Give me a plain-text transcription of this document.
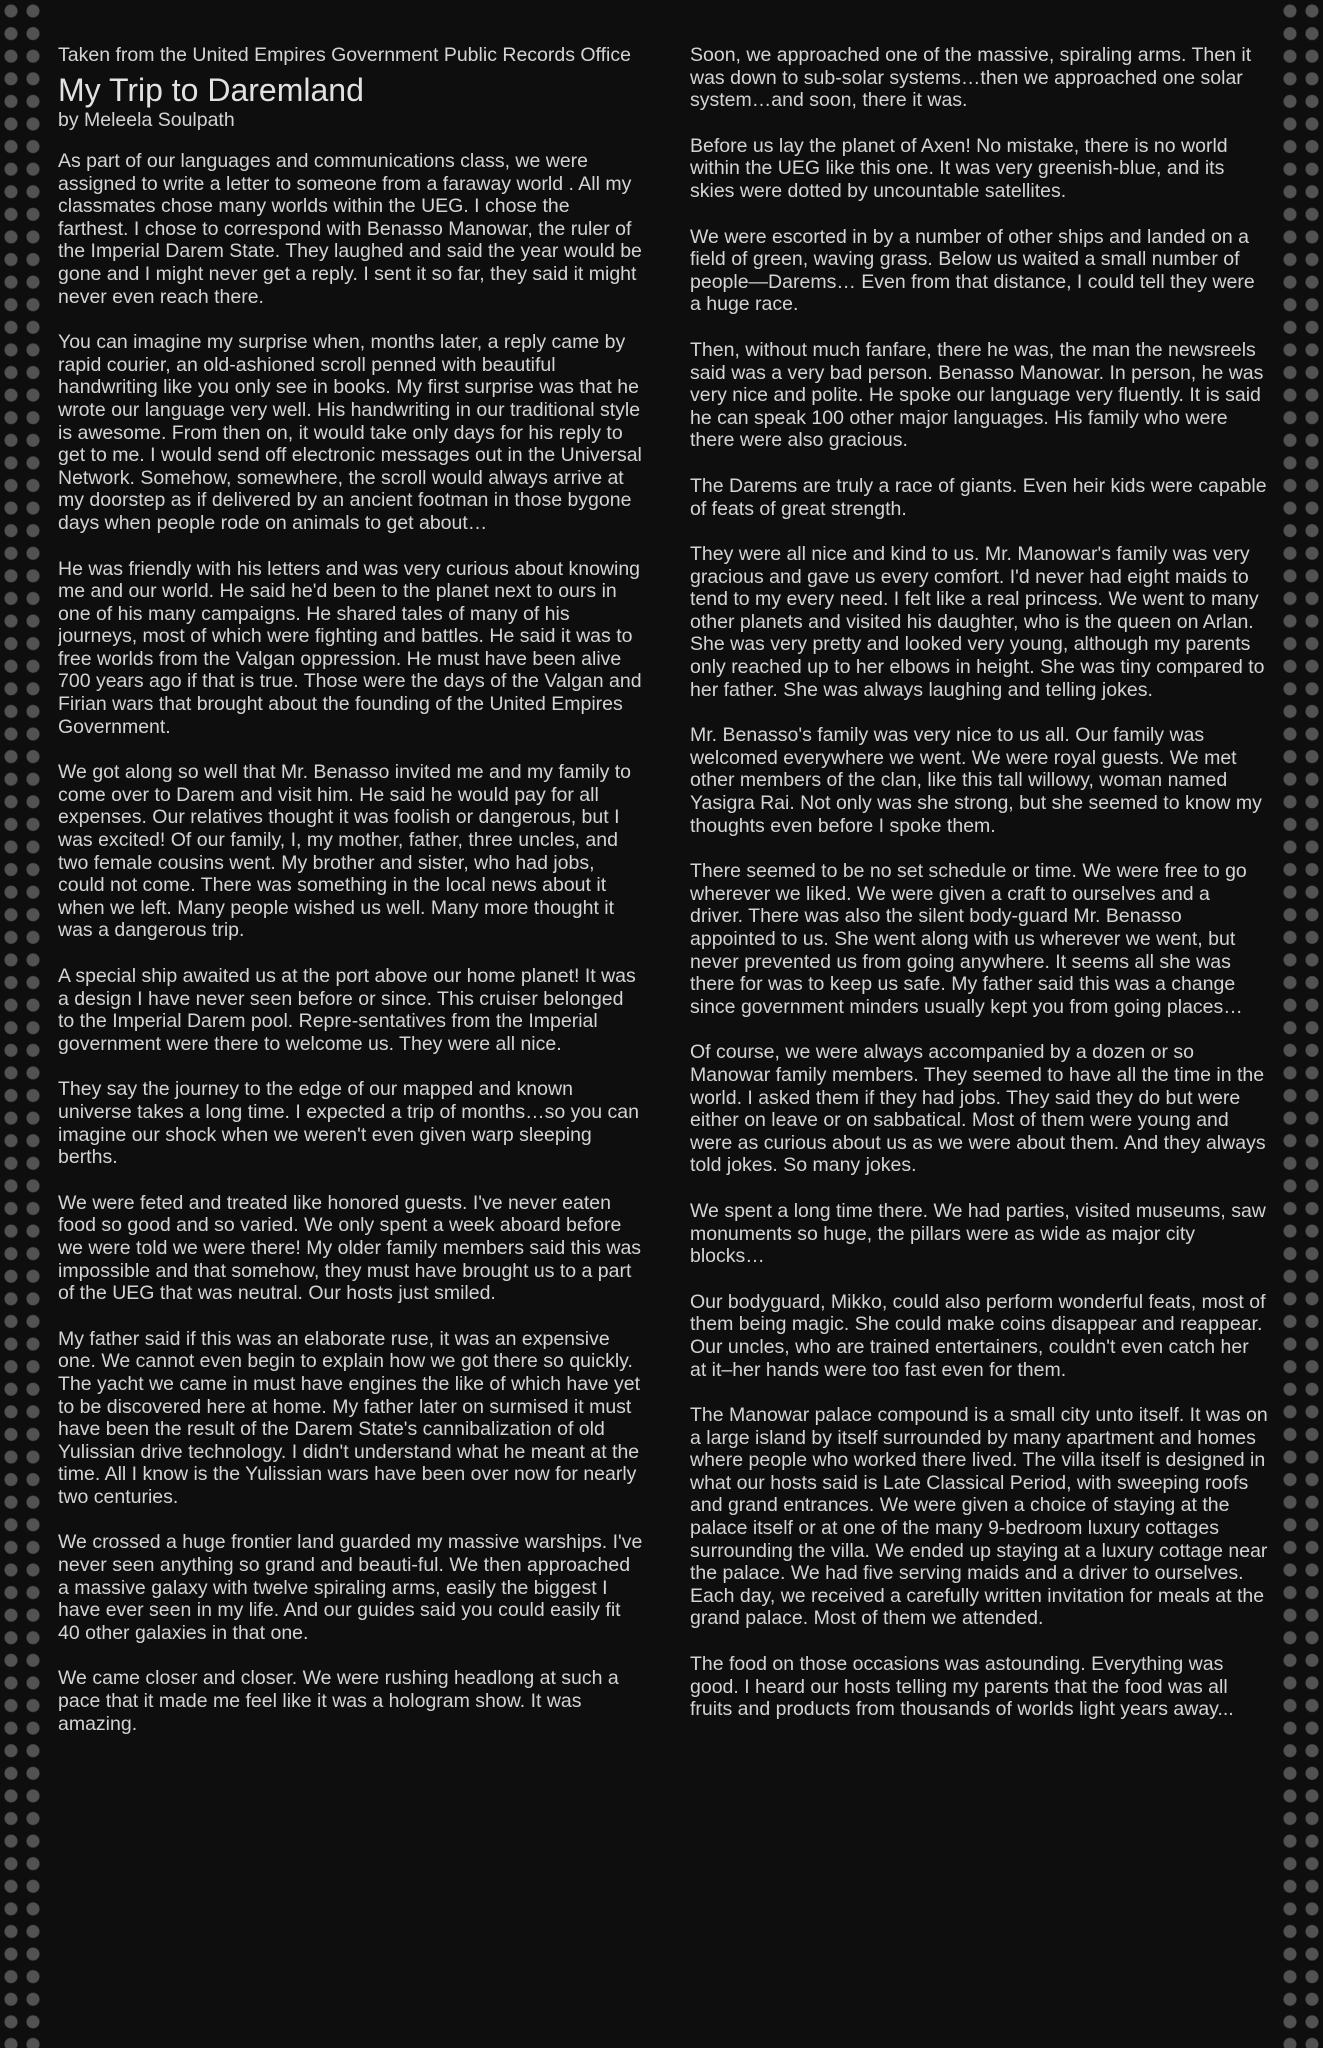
Taken from the United Empires Government Public Records Office
My Trip to Daremland
by Meleela Soulpath

As part of our languages and communications class, we were assigned to write a letter to someone from a faraway world . All my classmates chose many worlds within the UEG. I chose the farthest. I chose to correspond with Benasso Manowar, the ruler of the Imperial Darem State. They laughed and said the year would be gone and I might never get a reply. I sent it so far, they said it might never even reach there.

You can imagine my surprise when, months later, a reply came by rapid courier, an old-ashioned scroll penned with beautiful handwriting like you only see in books. My first surprise was that he wrote our language very well. His handwriting in our traditional style is awesome. From then on, it would take only days for his reply to get to me. I would send off electronic messages out in the Universal Network. Somehow, somewhere, the scroll would always arrive at my doorstep as if delivered by an ancient footman in those bygone days when people rode on animals to get about…

He was friendly with his letters and was very curious about knowing me and our world. He said he'd been to the planet next to ours in one of his many campaigns. He shared tales of many of his journeys, most of which were fighting and battles. He said it was to free worlds from the Valgan oppression. He must have been alive 700 years ago if that is true. Those were the days of the Valgan and Firian wars that brought about the founding of the United Empires Government.

We got along so well that Mr. Benasso invited me and my family to come over to Darem and visit him. He said he would pay for all expenses. Our relatives thought it was foolish or dangerous, but I was excited! Of our family, I, my mother, father, three uncles, and two female cousins went. My brother and sister, who had jobs, could not come. There was something in the local news about it when we left. Many people wished us well. Many more thought it was a dangerous trip.

A special ship awaited us at the port above our home planet! It was a design I have never seen before or since. This cruiser belonged to the Imperial Darem pool. Repre-sentatives from the Imperial government were there to welcome us. They were all nice.

They say the journey to the edge of our mapped and known universe takes a long time. I expected a trip of months…so you can imagine our shock when we weren't even given warp sleeping berths.

We were feted and treated like honored guests. I've never eaten food so good and so varied. We only spent a week aboard before we were told we were there! My older family members said this was impossible and that somehow, they must have brought us to a part of the UEG that was neutral. Our hosts just smiled.

My father said if this was an elaborate ruse, it was an expensive one. We cannot even begin to explain how we got there so quickly. The yacht we came in must have engines the like of which have yet to be discovered here at home. My father later on surmised it must have been the result of the Darem State's cannibalization of old Yulissian drive technology. I didn't understand what he meant at the time. All I know is the Yulissian wars have been over now for nearly two centuries.

We crossed a huge frontier land guarded my massive warships. I've never seen anything so grand and beauti-ful. We then approached a massive galaxy with twelve spiraling arms, easily the biggest I have ever seen in my life. And our guides said you could easily fit 40 other galaxies in that one.

We came closer and closer. We were rushing headlong at such a pace that it made me feel like it was a hologram show. It was amazing.

Soon, we approached one of the massive, spiraling arms. Then it was down to sub-solar systems…then we approached one solar system…and soon, there it was.

Before us lay the planet of Axen! No mistake, there is no world within the UEG like this one. It was very greenish-blue, and its skies were dotted by uncountable satellites.

We were escorted in by a number of other ships and landed on a field of green, waving grass. Below us waited a small number of people—Darems… Even from that distance, I could tell they were a huge race.

Then, without much fanfare, there he was, the man the newsreels said was a very bad person. Benasso Manowar. In person, he was very nice and polite. He spoke our language very fluently. It is said he can speak 100 other major languages. His family who were there were also gracious.

The Darems are truly a race of giants. Even heir kids were capable of feats of great strength.

They were all nice and kind to us. Mr. Manowar's family was very gracious and gave us every comfort. I'd never had eight maids to tend to my every need. I felt like a real princess. We went to many other planets and visited his daughter, who is the queen on Arlan. She was very pretty and looked very young, although my parents only reached up to her elbows in height. She was tiny compared to her father. She was always laughing and telling jokes.

Mr. Benasso's family was very nice to us all. Our family was welcomed everywhere we went. We were royal guests. We met other members of the clan, like this tall willowy, woman named Yasigra Rai. Not only was she strong, but she seemed to know my thoughts even before I spoke them.

There seemed to be no set schedule or time. We were free to go wherever we liked. We were given a craft to ourselves and a driver. There was also the silent body-guard Mr. Benasso appointed to us. She went along with us wherever we went, but never prevented us from going anywhere. It seems all she was there for was to keep us safe. My father said this was a change since government minders usually kept you from going places…

Of course, we were always accompanied by a dozen or so Manowar family members. They seemed to have all the time in the world. I asked them if they had jobs. They said they do but were either on leave or on sabbatical. Most of them were young and were as curious about us as we were about them. And they always told jokes. So many jokes.

We spent a long time there. We had parties, visited museums, saw monuments so huge, the pillars were as wide as major city blocks…

Our bodyguard, Mikko, could also perform wonderful feats, most of them being magic. She could make coins disappear and reappear. Our uncles, who are trained entertainers, couldn't even catch her at it–her hands were too fast even for them.

The Manowar palace compound is a small city unto itself. It was on a large island by itself surrounded by many apartment and homes where people who worked there lived. The villa itself is designed in what our hosts said is Late Classical Period, with sweeping roofs and grand entrances. We were given a choice of staying at the palace itself or at one of the many 9-bedroom luxury cottages surrounding the villa. We ended up staying at a luxury cottage near the palace. We had five serving maids and a driver to ourselves. Each day, we received a carefully written invitation for meals at the grand palace. Most of them we attended.

The food on those occasions was astounding. Everything was good. I heard our hosts telling my parents that the food was all fruits and products from thousands of worlds light years away...
